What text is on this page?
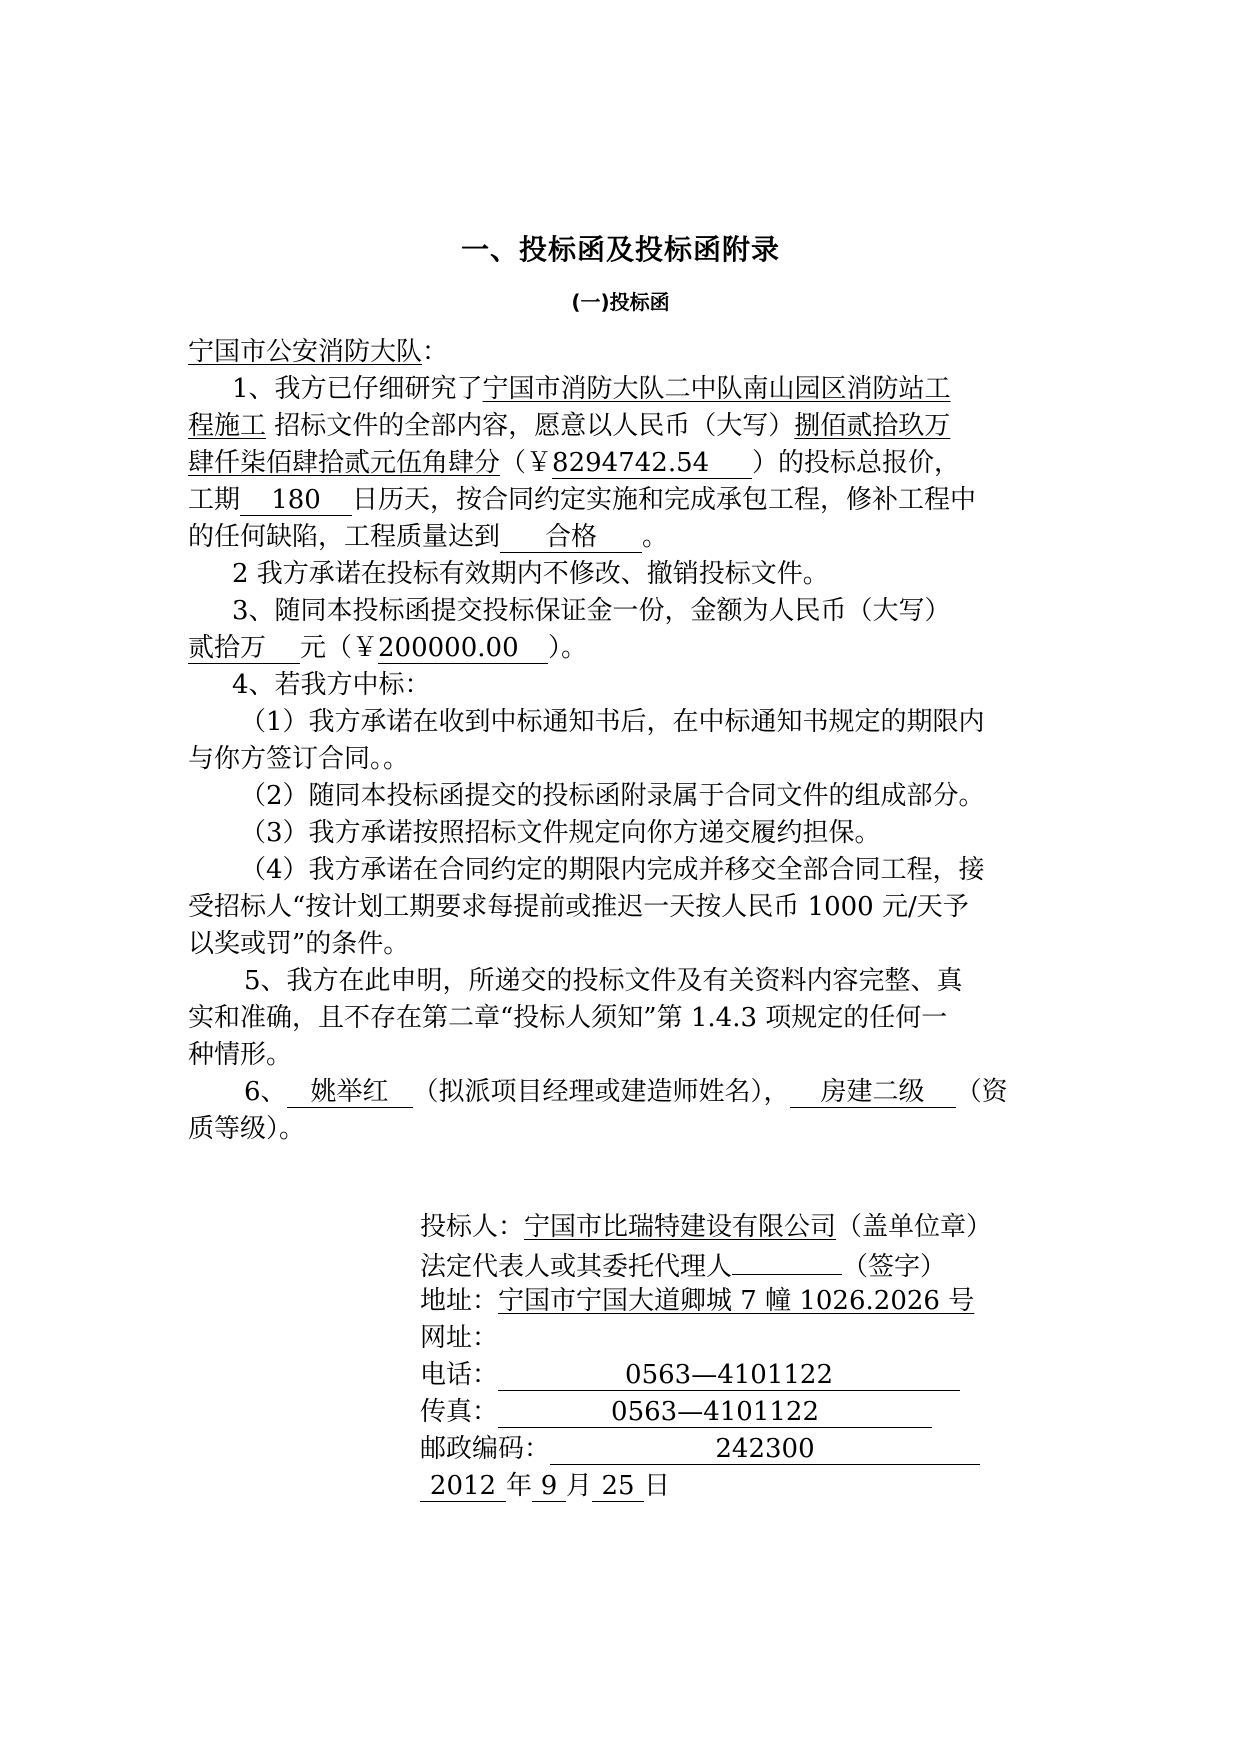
一、投标函及投标函附录
(一)投标函
宁国市公安消防大队：
1、我方已仔细研究了宁国市消防大队二中队南山园区消防站工
程施工 招标文件的全部内容，愿意以人民币（大写）捌佰贰拾玖万
肆仟柒佰肆拾贰元伍角肆分（￥8294742.54 ）的投标总报价，
工期 180 日历天，按合同约定实施和完成承包工程，修补工程中
的任何缺陷，工程质量达到 合格 。
2 我方承诺在投标有效期内不修改、撤销投标文件。
3、随同本投标函提交投标保证金一份，金额为人民币（大写）
贰拾万 元（￥200000.00 ）。
4、若我方中标：
（1）我方承诺在收到中标通知书后，在中标通知书规定的期限内
与你方签订合同。。
（2）随同本投标函提交的投标函附录属于合同文件的组成部分。
（3）我方承诺按照招标文件规定向你方递交履约担保。
（4）我方承诺在合同约定的期限内完成并移交全部合同工程，接
受招标人“按计划工期要求每提前或推迟一天按人民币 1000 元/天予
以奖或罚”的条件。
5、我方在此申明，所递交的投标文件及有关资料内容完整、真
实和准确，且不存在第二章“投标人须知”第 1.4.3 项规定的任何一
种情形。
6、 姚举红 （拟派项目经理或建造师姓名）， 房建二级 （资
质等级）。
投标人：宁国市比瑞特建设有限公司（盖单位章）
法定代表人或其委托代理人	（签字）
地址：宁国市宁国大道卿城 7 幢 1026.2026 号
网址：
电话：	0563—4101122
传真：	0563—4101122
邮政编码：	242300
2012 年 9 月 25 日
